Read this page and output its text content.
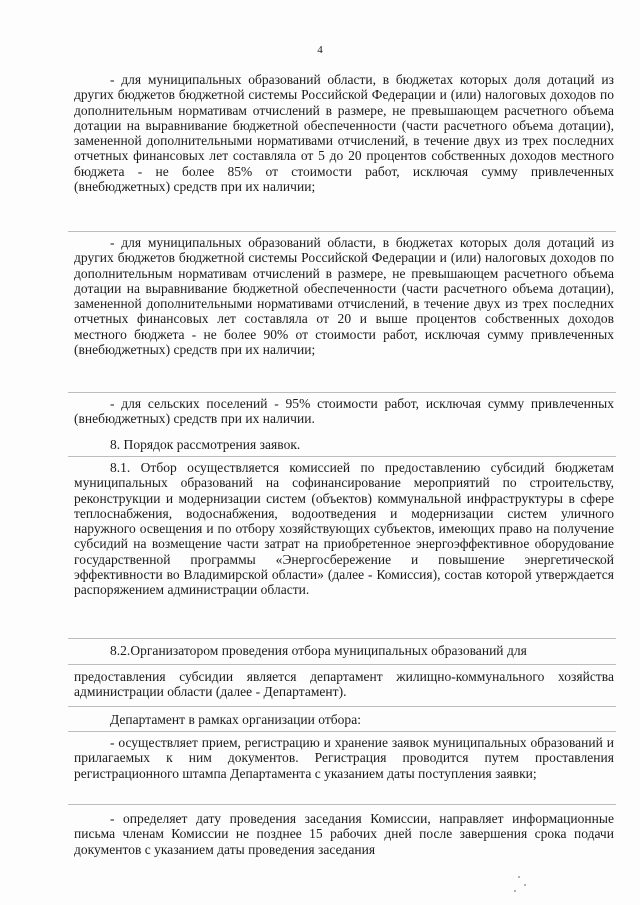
4

- для муниципальных образований области, в бюджетах которых доля дотаций из других бюджетов бюджетной системы Российской Федерации и (или) налоговых доходов по дополнительным нормативам отчислений в размере, не превышающем расчетного объема дотации на выравнивание бюджетной обеспеченности (части расчетного объема дотации), замененной дополнительными нормативами отчислений, в течение двух из трех последних отчетных финансовых лет составляла от 5 до 20 процентов собственных доходов местного бюджета - не более 85% от стоимости работ, исключая сумму привлеченных (внебюджетных) средств при их наличии;

- для муниципальных образований области, в бюджетах которых доля дотаций из других бюджетов бюджетной системы Российской Федерации и (или) налоговых доходов по дополнительным нормативам отчислений в размере, не превышающем расчетного объема дотации на выравнивание бюджетной обеспеченности (части расчетного объема дотации), замененной дополнительными нормативами отчислений, в течение двух из трех последних отчетных финансовых лет составляла от 20 и выше процентов собственных доходов местного бюджета - не более 90% от стоимости работ, исключая сумму привлеченных (внебюджетных) средств при их наличии;

- для сельских поселений - 95% стоимости работ, исключая сумму привлеченных (внебюджетных) средств при их наличии.

8. Порядок рассмотрения заявок.

8.1. Отбор осуществляется комиссией по предоставлению субсидий бюджетам муниципальных образований на софинансирование мероприятий по строительству, реконструкции и модернизации систем (объектов) коммунальной инфраструктуры в сфере теплоснабжения, водоснабжения, водоотведения и модернизации систем уличного наружного освещения и по отбору хозяйствующих субъектов, имеющих право на получение субсидий на возмещение части затрат на приобретенное энергоэффективное оборудование государственной программы «Энергосбережение и повышение энергетической эффективности во Владимирской области» (далее - Комиссия), состав которой утверждается распоряжением администрации области.

8.2.Организатором проведения отбора муниципальных образований для

предоставления субсидии является департамент жилищно-коммунального хозяйства администрации области (далее - Департамент).

Департамент в рамках организации отбора:

- осуществляет прием, регистрацию и хранение заявок муниципальных образований и прилагаемых к ним документов. Регистрация проводится путем проставления регистрационного штампа Департамента с указанием даты поступления заявки;

- определяет дату проведения заседания Комиссии, направляет информационные письма членам Комиссии не позднее 15 рабочих дней после завершения срока подачи документов с указанием даты проведения заседания
